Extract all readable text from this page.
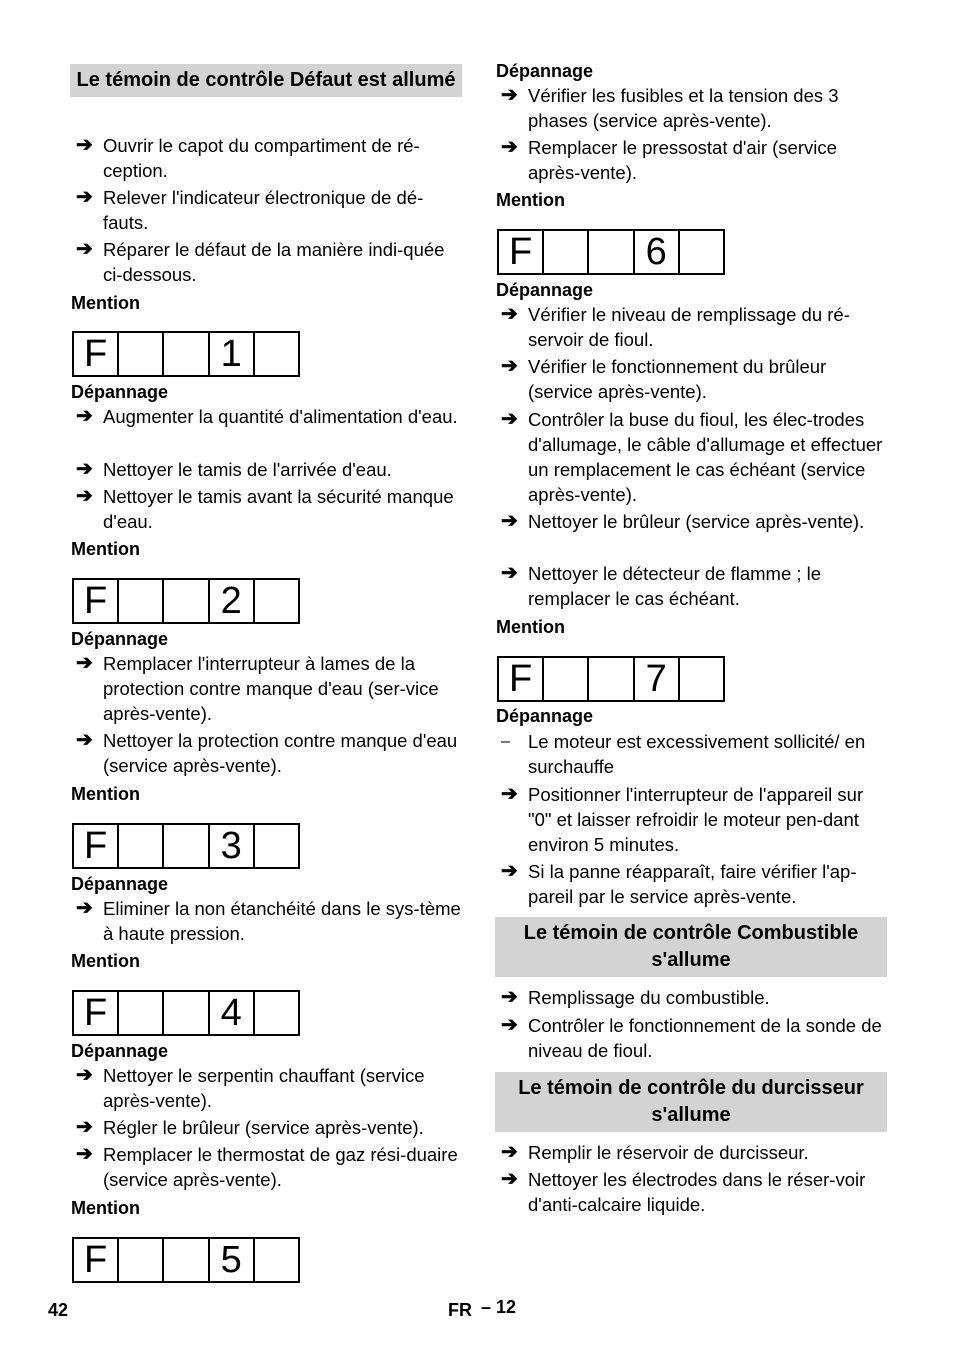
Le témoin de contrôle Défaut est allumé
➔ Ouvrir le capot du compartiment de ré-ception.
➔ Relever l'indicateur électronique de dé-fauts.
➔ Réparer le défaut de la manière indi-quée ci-dessous.
Mention
F	1
Dépannage
➔ Augmenter la quantité d'alimentation d'eau.
➔ Nettoyer le tamis de l'arrivée d'eau.
➔ Nettoyer le tamis avant la sécurité manque d'eau.
Mention
F	2
Dépannage
➔ Remplacer l'interrupteur à lames de la protection contre manque d'eau (ser-vice après-vente).
➔ Nettoyer la protection contre manque d'eau (service après-vente).
Mention
F	3
Dépannage
➔ Eliminer la non étanchéité dans le sys-tème à haute pression.
Mention
F	4
Dépannage
➔ Nettoyer le serpentin chauffant (service après-vente).
➔ Régler le brûleur (service après-vente).
➔ Remplacer le thermostat de gaz rési-duaire (service après-vente).
Mention
F	5
Dépannage
➔ Vérifier les fusibles et la tension des 3 phases (service après-vente).
➔ Remplacer le pressostat d'air (service après-vente).
Mention
F	6
Dépannage
➔ Vérifier le niveau de remplissage du ré-servoir de fioul.
➔ Vérifier le fonctionnement du brûleur (service après-vente).
➔ Contrôler la buse du fioul, les élec-trodes d'allumage, le câble d'allumage et effectuer un remplacement le cas échéant (service après-vente).
➔ Nettoyer le brûleur (service après-vente).
➔ Nettoyer le détecteur de flamme ; le remplacer le cas échéant.
Mention
F	7
Dépannage
– Le moteur est excessivement sollicité/ en surchauffe
➔ Positionner l'interrupteur de l'appareil sur "0" et laisser refroidir le moteur pen-dant environ 5 minutes.
➔ Si la panne réapparaît, faire vérifier l'ap-pareil par le service après-vente.
Le témoin de contrôle Combustible s'allume
➔ Remplissage du combustible.
➔ Contrôler le fonctionnement de la sonde de niveau de fioul.
Le témoin de contrôle du durcisseur s'allume
➔ Remplir le réservoir de durcisseur.
➔ Nettoyer les électrodes dans le réser-voir d'anti-calcaire liquide.
42	FR – 12
